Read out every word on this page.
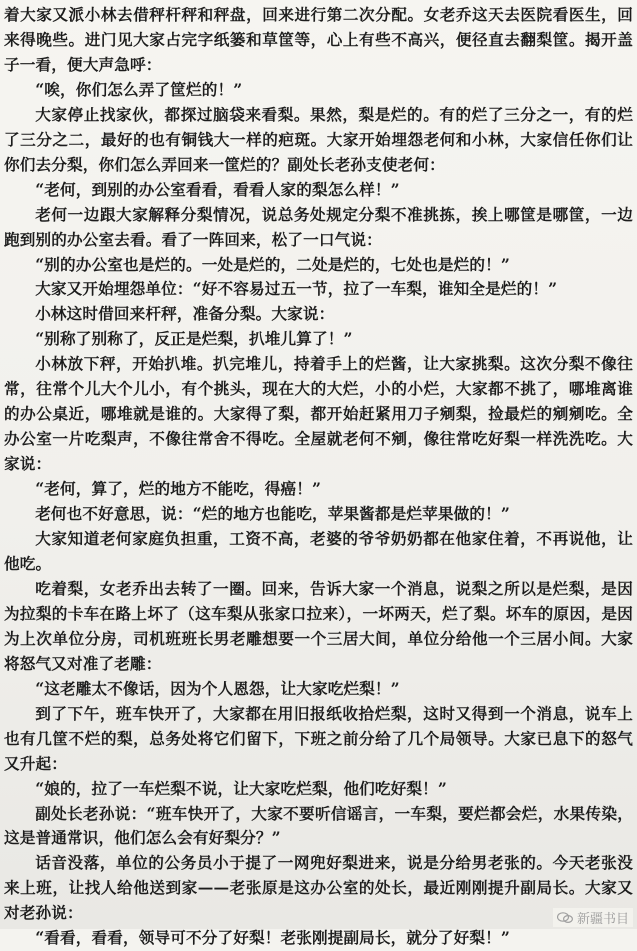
着大家又派小林去借秤杆秤和秤盘，回来进行第二次分配。女老乔这天去医院看医生，回来得晚些。进门见大家占完字纸篓和草筐等，心上有些不高兴，便径直去翻梨筐。揭开盖子一看，便大声急呼：

“唉，你们怎么弄了筐烂的！”

大家停止找家伙，都探过脑袋来看梨。果然，梨是烂的。有的烂了三分之一，有的烂了三分之二，最好的也有铜钱大一样的疤斑。大家开始埋怨老何和小林，大家信任你们让你们去分梨，你们怎么弄回来一筐烂的？副处长老孙支使老何：

“老何，到别的办公室看看，看看人家的梨怎么样！”

老何一边跟大家解释分梨情况，说总务处规定分梨不准挑拣，挨上哪筐是哪筐，一边跑到别的办公室去看。看了一阵回来，松了一口气说：

“别的办公室也是烂的。一处是烂的，二处是烂的，七处也是烂的！”

大家又开始埋怨单位：“好不容易过五一节，拉了一车梨，谁知全是烂的！”

小林这时借回来杆秤，准备分梨。大家说：

“别称了别称了，反正是烂梨，扒堆儿算了！”

小林放下秤，开始扒堆。扒完堆儿，持着手上的烂酱，让大家挑梨。这次分梨不像往常，往常个儿大个儿小，有个挑头，现在大的大烂，小的小烂，大家都不挑了，哪堆离谁的办公桌近，哪堆就是谁的。大家得了梨，都开始赶紧用刀子剜梨，捡最烂的剜剜吃。全办公室一片吃梨声，不像往常舍不得吃。全屋就老何不剜，像往常吃好梨一样洗洗吃。大家说：

“老何，算了，烂的地方不能吃，得癌！”

老何也不好意思，说：“烂的地方也能吃，苹果酱都是烂苹果做的！”

大家知道老何家庭负担重，工资不高，老婆的爷爷奶奶都在他家住着，不再说他，让他吃。

吃着梨，女老乔出去转了一圈。回来，告诉大家一个消息，说梨之所以是烂梨，是因为拉梨的卡车在路上坏了（这车梨从张家口拉来），一坏两天，烂了梨。坏车的原因，是因为上次单位分房，司机班班长男老雕想要一个三居大间，单位分给他一个三居小间。大家将怒气又对准了老雕：

“这老雕太不像话，因为个人恩怨，让大家吃烂梨！”

到了下午，班车快开了，大家都在用旧报纸收拾烂梨，这时又得到一个消息，说车上也有几筐不烂的梨，总务处将它们留下，下班之前分给了几个局领导。大家已息下的怒气又升起：

“娘的，拉了一车烂梨不说，让大家吃烂梨，他们吃好梨！”

副处长老孙说：“班车快开了，大家不要听信谣言，一车梨，要烂都会烂，水果传染，这是普通常识，他们怎么会有好梨分？”

话音没落，单位的公务员小于提了一网兜好梨进来，说是分给男老张的。今天老张没来上班，让找人给他送到家——老张原是这办公室的处长，最近刚刚提升副局长。大家又对老孙说：

“看看，看看，领导可不分了好梨！老张刚提副局长，就分了好梨！”

新疆书目
